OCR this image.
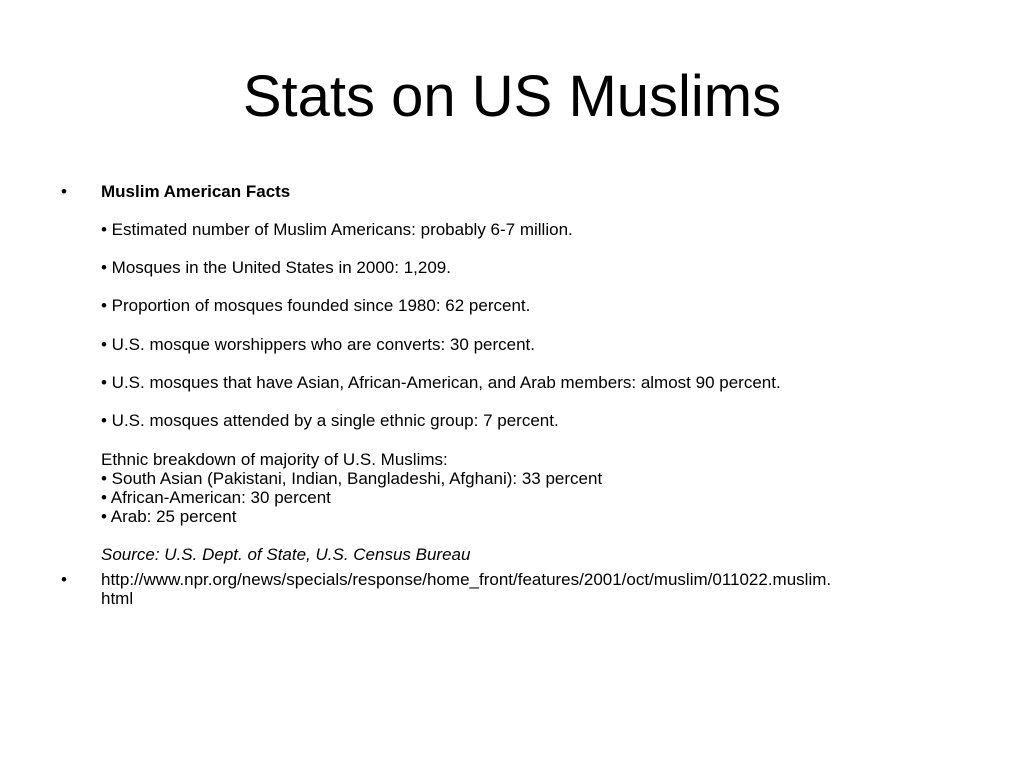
Stats on US Muslims
• Muslim American Facts
• Estimated number of Muslim Americans: probably 6-7 million.
• Mosques in the United States in 2000: 1,209.
• Proportion of mosques founded since 1980: 62 percent.
• U.S. mosque worshippers who are converts: 30 percent.
• U.S. mosques that have Asian, African-American, and Arab members: almost 90 percent.
• U.S. mosques attended by a single ethnic group: 7 percent.
Ethnic breakdown of majority of U.S. Muslims:
• South Asian (Pakistani, Indian, Bangladeshi, Afghani): 33 percent
• African-American: 30 percent
• Arab: 25 percent
Source: U.S. Dept. of State, U.S. Census Bureau
• http://www.npr.org/news/specials/response/home_front/features/2001/oct/muslim/011022.muslim.
html
